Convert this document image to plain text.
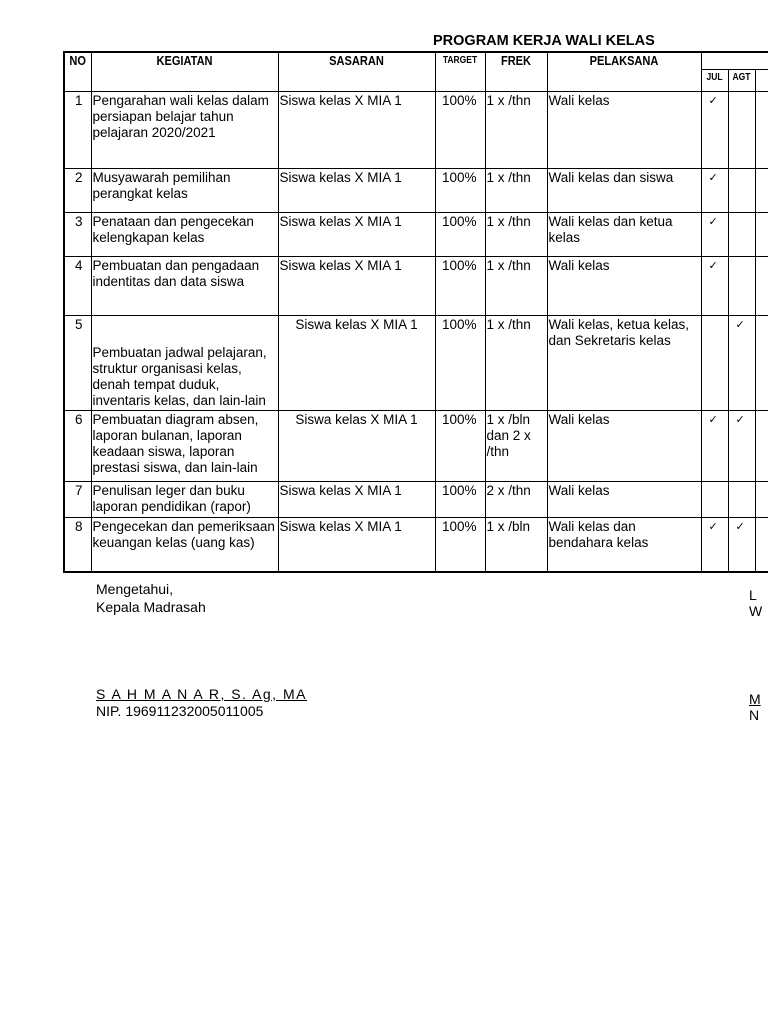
PROGRAM KERJA WALI KELAS
NO	KEGIATAN	SASARAN	TARGET	FREK	PELAKSANA			
						JUL	AGT	
1	Pengarahan wali kelas dalam persiapan belajar tahun pelajaran 2020/2021	Siswa kelas X MIA 1	100%	1 x /thn	Wali kelas	✓		
2	Musyawarah pemilihan perangkat kelas	Siswa kelas X MIA 1	100%	1 x /thn	Wali kelas dan siswa	✓		
3	Penataan dan pengecekan kelengkapan kelas	Siswa kelas X MIA 1	100%	1 x /thn	Wali kelas dan ketua kelas	✓		
4	Pembuatan dan pengadaan indentitas dan data siswa	Siswa kelas X MIA 1	100%	1 x /thn	Wali kelas	✓		
5	Pembuatan jadwal pelajaran, struktur organisasi kelas, denah tempat duduk, inventaris kelas, dan lain-lain	Siswa kelas X MIA 1	100%	1 x /thn	Wali kelas, ketua kelas, dan Sekretaris kelas		✓	
6	Pembuatan diagram absen, laporan bulanan, laporan keadaan siswa, laporan prestasi siswa, dan lain-lain	Siswa kelas X MIA 1	100%	1 x /bln dan 2 x /thn	Wali kelas	✓	✓	
7	Penulisan leger dan buku laporan pendidikan (rapor)	Siswa kelas X MIA 1	100%	2 x /thn	Wali kelas			
8	Pengecekan dan pemeriksaan keuangan kelas (uang kas)	Siswa kelas X MIA 1	100%	1 x /bln	Wali kelas dan bendahara kelas	✓	✓	
Mengetahui,
Kepala Madrasah
S A H M A N A R, S. Ag, MA
NIP. 196911232005011005
L
W
M
N
